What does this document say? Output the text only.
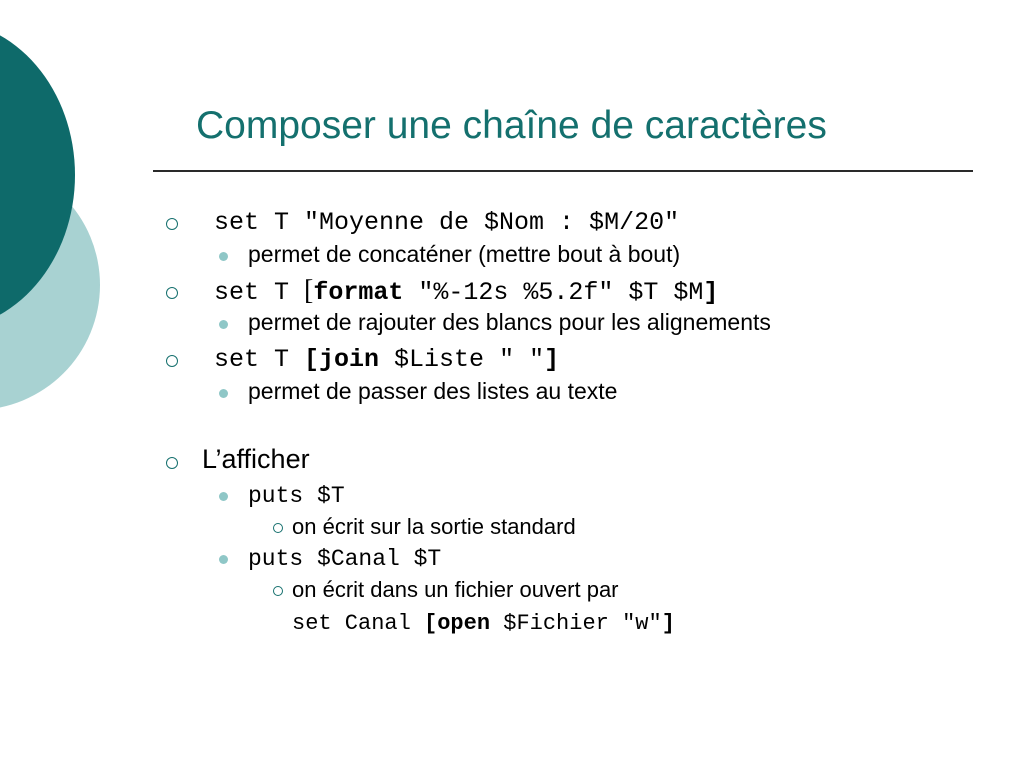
Composer une chaîne de caractères
set T "Moyenne de $Nom : $M/20"
permet de concaténer (mettre bout à bout)
set T [format "%-12s %5.2f" $T $M]
permet de rajouter des blancs pour les alignements
set T [join $Liste " "]
permet de passer des listes au texte
L’afficher
puts $T
on écrit sur la sortie standard
puts $Canal $T
on écrit dans un fichier ouvert par
set Canal [open $Fichier "w"]
